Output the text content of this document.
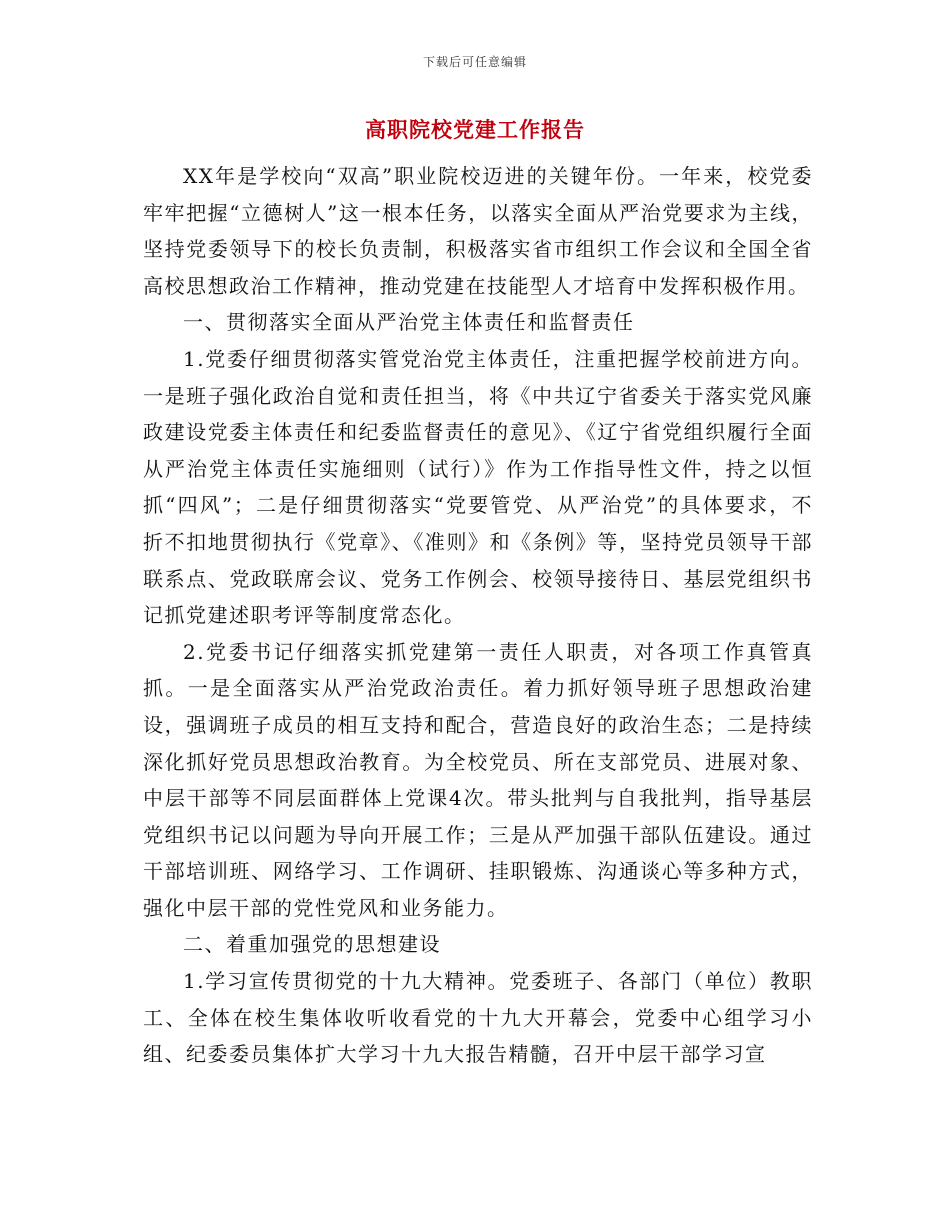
下载后可任意编辑
高职院校党建工作报告

XX年是学校向“双高”职业院校迈进的关键年份。一年来，校党委牢牢把握“立德树人”这一根本任务，以落实全面从严治党要求为主线，坚持党委领导下的校长负责制，积极落实省市组织工作会议和全国全省高校思想政治工作精神，推动党建在技能型人才培育中发挥积极作用。

一、贯彻落实全面从严治党主体责任和监督责任

1.党委仔细贯彻落实管党治党主体责任，注重把握学校前进方向。一是班子强化政治自觉和责任担当，将《中共辽宁省委关于落实党风廉政建设党委主体责任和纪委监督责任的意见》、《辽宁省党组织履行全面从严治党主体责任实施细则（试行）》作为工作指导性文件，持之以恒抓“四风”；二是仔细贯彻落实“党要管党、从严治党”的具体要求，不折不扣地贯彻执行《党章》、《准则》和《条例》等，坚持党员领导干部联系点、党政联席会议、党务工作例会、校领导接待日、基层党组织书记抓党建述职考评等制度常态化。

2.党委书记仔细落实抓党建第一责任人职责，对各项工作真管真抓。一是全面落实从严治党政治责任。着力抓好领导班子思想政治建设，强调班子成员的相互支持和配合，营造良好的政治生态；二是持续深化抓好党员思想政治教育。为全校党员、所在支部党员、进展对象、中层干部等不同层面群体上党课4次。带头批判与自我批判，指导基层党组织书记以问题为导向开展工作；三是从严加强干部队伍建设。通过干部培训班、网络学习、工作调研、挂职锻炼、沟通谈心等多种方式，强化中层干部的党性党风和业务能力。

二、着重加强党的思想建设

1.学习宣传贯彻党的十九大精神。党委班子、各部门（单位）教职工、全体在校生集体收听收看党的十九大开幕会，党委中心组学习小组、纪委委员集体扩大学习十九大报告精髓，召开中层干部学习宣
